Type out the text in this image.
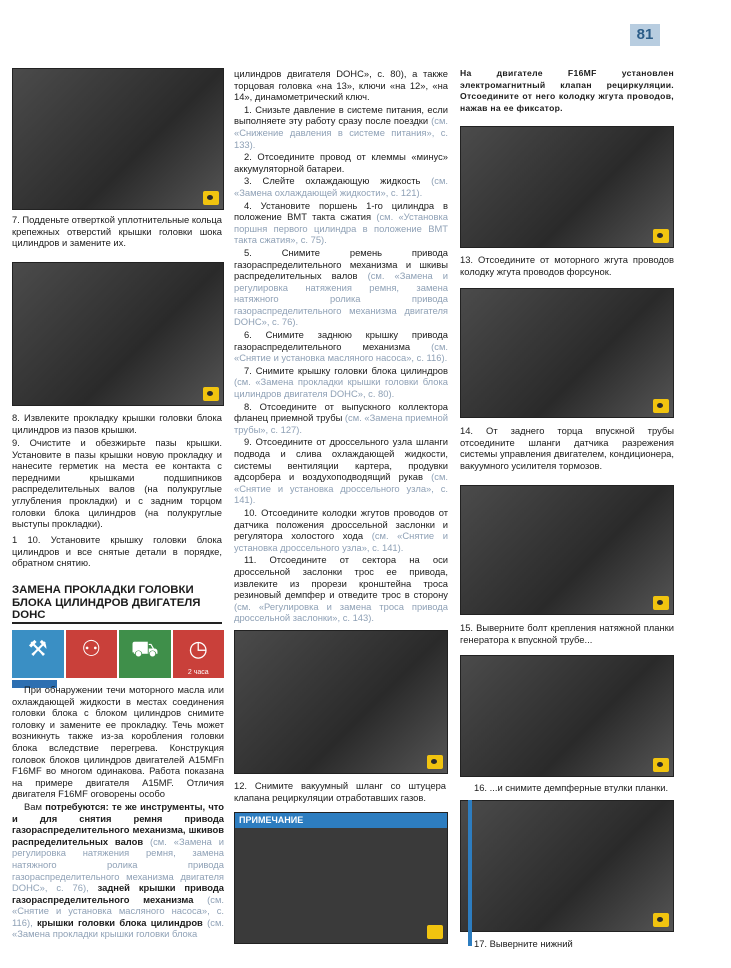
81
7. Подденьте отверткой уплотнительные кольца крепежных отверстий крышки головки шока цилиндров и замените их.
8. Извлеките прокладку крышки головки блока цилиндров из пазов крышки.
9. Очистите и обезжирьте пазы крышки. Установите в пазы крышки новую прокладку и нанесите герметик на места ее контакта с передними крышками подшипников распределительных валов (на полукруглые углубления прокладки) и с задним торцом головки блока цилиндров (на полукруглые выступы прокладки).
1 10. Установите крышку головки блока цилиндров и все снятые детали в порядке, обратном снятию.
ЗАМЕНА ПРОКЛАДКИ ГОЛОВКИ БЛОКА ЦИЛИНДРОВ ДВИГАТЕЛЯ DOHC
⚒	⚇	⛟	◷
2 часа

При обнаружении течи моторного масла или охлаждающей жидкости в местах соединения головки блока с блоком цилиндров снимите головку и замените ее прокладку. Течь может возникнуть также из-за коробления головки блока вследствие перегрева. Конструкция головок блоков цилиндров двигателей A15MFn F16MF во многом одинакова. Работа показана на примере двигателя A15MF. Отличия двигателя F16MF оговорены особо

Вам потребуются: те же инструменты, что и для снятия ремня привода газораспределительного механизма, шкивов распределительных валов (см. «Замена и регулировка натяжения ремня, замена натяжного ролика привода газораспределительного механизма двигателя DOHC», с. 76), задней крышки привода газораспределительного механизма (см. «Снятие и установка масляного насоса», с. 116), крышки головки блока цилиндров (см. «Замена прокладки крышки головки блока

цилиндров двигателя DOHC», с. 80), а также торцовая головка «на 13», ключи «на 12», «на 14», динамометрический ключ.

1. Снизьте давление в системе питания, если выполняете эту работу сразу после поездки (см. «Снижение давления в системе питания», с. 133).

2. Отсоедините провод от клеммы «минус» аккумуляторной батареи.

3. Слейте охлаждающую жидкость (см. «Замена охлаждающей жидкости», с. 121).

4. Установите поршень 1-го цилиндра в положение ВМТ такта сжатия (см. «Установка поршня первого цилиндра в положение ВМТ такта сжатия», с. 75).

5. Снимите ремень привода газораспределительного механизма и шкивы распределительных валов (см. «Замена и регулировка натяжения ремня, замена натяжного ролика привода газораспределительного механизма двигателя DOHC», с. 76).

6. Снимите заднюю крышку привода газораспределительного механизма (см. «Снятие и установка масляного насоса», с. 116).

7. Снимите крышку головки блока цилиндров (см. «Замена прокладки крышки головки блока цилиндров двигателя DOHC», с. 80).

8. Отсоедините от выпускного коллектора фланец приемной трубы (см. «Замена приемной трубы», с. 127).

9. Отсоедините от дроссельного узла шланги подвода и слива охлаждающей жидкости, системы вентиляции картера, продувки адсорбера и воздухоподводящий рукав (см. «Снятие и установка дроссельного узла», с. 141).

10. Отсоедините колодки жгутов проводов от датчика положения дроссельной заслонки и регулятора холостого хода (см. «Снятие и установка дроссельного узла», с. 141).

11. Отсоедините от сектора на оси дроссельной заслонки трос ее привода, извлеките из прорези кронштейна троса резиновый демпфер и отведите трос в сторону (см. «Регулировка и замена троса привода дроссельной заслонки», с. 143).

12. Снимите вакуумный шланг со штуцера клапана рециркуляции отработавших газов.
ПРИМЕЧАНИЕ
На двигателе F16MF установлен электромагнитный клапан рециркуляции. Отсоедините от него колодку жгута проводов, нажав на ее фиксатор.
13. Отсоедините от моторного жгута проводов колодку жгута проводов форсунок.
14. От заднего торца впускной трубы отсоедините шланги датчика разрежения системы управления двигателем, кондиционера, вакуумного усилителя тормозов.
15. Выверните болт крепления натяжной планки генератора к впускной трубе...
16. ...и снимите демпферные втулки планки.
17. Выверните нижний
